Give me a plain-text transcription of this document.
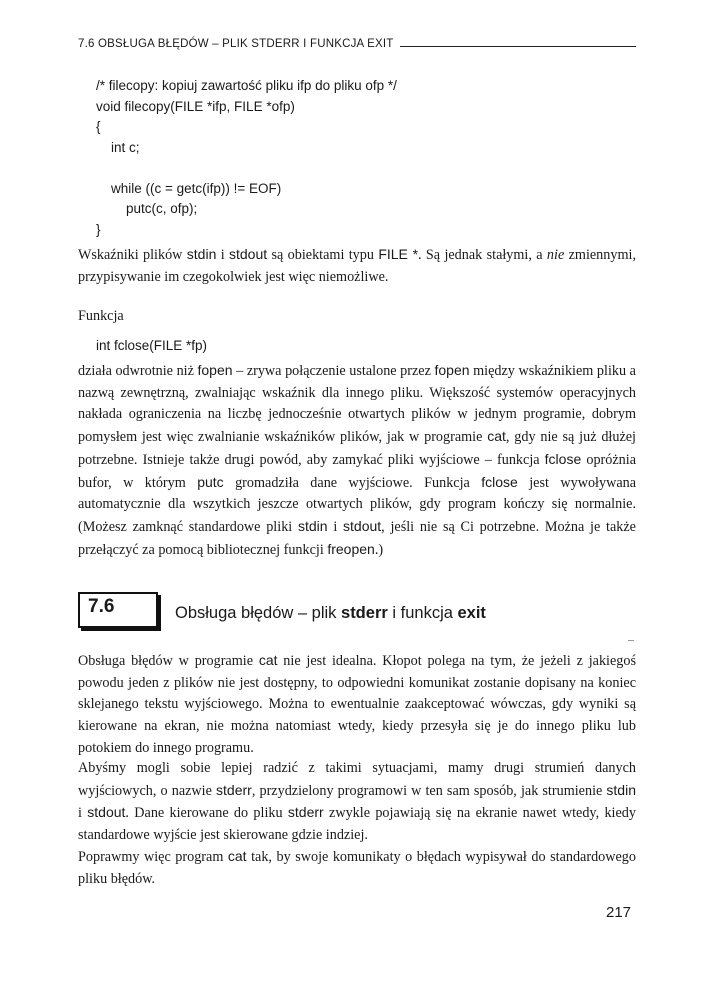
7.6 OBSŁUGA BŁĘDÓW – PLIK STDERR I FUNKCJA EXIT
/* filecopy: kopiuj zawartość pliku ifp do pliku ofp */
void filecopy(FILE *ifp, FILE *ofp)
{
int c;
while ((c = getc(ifp)) != EOF)
putc(c, ofp);
}

Wskaźniki plików stdin i stdout są obiektami typu FILE *. Są jednak stałymi, a nie zmiennymi, przypisywanie im czegokolwiek jest więc niemożliwe.

Funkcja

int fclose(FILE *fp)

działa odwrotnie niż fopen – zrywa połączenie ustalone przez fopen między wskaźnikiem pliku a nazwą zewnętrzną, zwalniając wskaźnik dla innego pliku. Większość systemów operacyjnych nakłada ograniczenia na liczbę jednocześnie otwartych plików w jednym programie, dobrym pomysłem jest więc zwalnianie wskaźników plików, jak w programie cat, gdy nie są już dłużej potrzebne. Istnieje także drugi powód, aby zamykać pliki wyjściowe – funkcja fclose opróżnia bufor, w którym putc gromadziła dane wyjściowe. Funkcja fclose jest wywoływana automatycznie dla wszytkich jeszcze otwartych plików, gdy program kończy się normalnie. (Możesz zamknąć standardowe pliki stdin i stdout, jeśli nie są Ci potrzebne. Można je także przełączyć za pomocą bibliotecznej funkcji freopen.)

7.6	Obsługa błędów – plik stderr i funkcja exit

Obsługa błędów w programie cat nie jest idealna. Kłopot polega na tym, że jeżeli z jakiegoś powodu jeden z plików nie jest dostępny, to odpowiedni komunikat zostanie dopisany na koniec sklejanego tekstu wyjściowego. Można to ewentualnie zaakceptować wówczas, gdy wyniki są kierowane na ekran, nie można natomiast wtedy, kiedy przesyła się je do innego pliku lub potokiem do innego programu.

Abyśmy mogli sobie lepiej radzić z takimi sytuacjami, mamy drugi strumień danych wyjściowych, o nazwie stderr, przydzielony programowi w ten sam sposób, jak strumienie stdin i stdout. Dane kierowane do pliku stderr zwykle pojawiają się na ekranie nawet wtedy, kiedy standardowe wyjście jest skierowane gdzie indziej.

Poprawmy więc program cat tak, by swoje komunikaty o błędach wypisywał do standardowego pliku błędów.

217
